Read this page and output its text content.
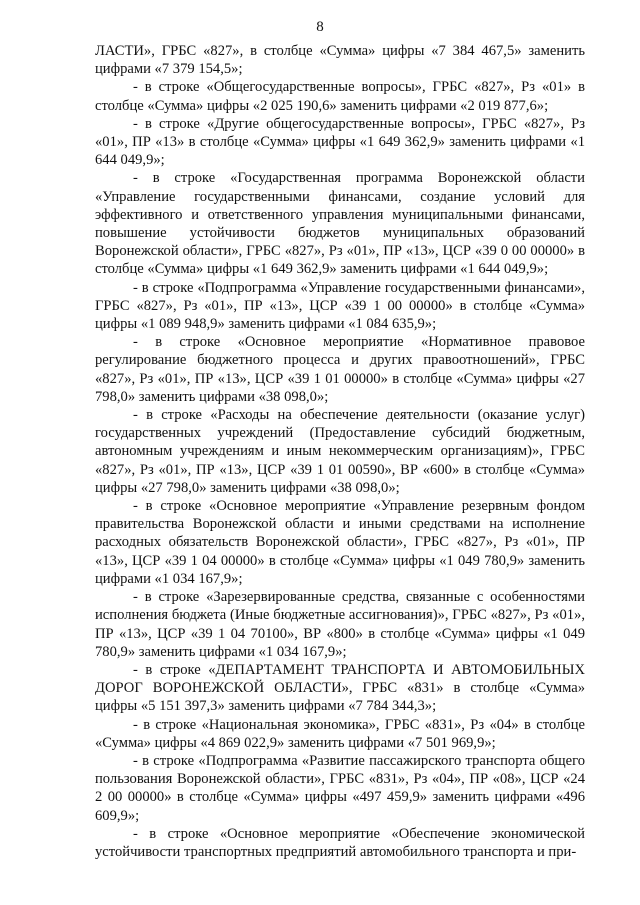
8

ЛАСТИ», ГРБС «827», в столбце «Сумма» цифры «7 384 467,5» заменить цифрами «7 379 154,5»;

- в строке «Общегосударственные вопросы», ГРБС «827», Рз «01» в столбце «Сумма» цифры «2 025 190,6» заменить цифрами «2 019 877,6»;

- в строке «Другие общегосударственные вопросы», ГРБС «827», Рз «01», ПР «13» в столбце «Сумма» цифры «1 649 362,9» заменить цифрами «1 644 049,9»;

- в строке «Государственная программа Воронежской области «Управление государственными финансами, создание условий для эффективного и ответственного управления муниципальными финансами, повышение устойчивости бюджетов муниципальных образований Воронежской области», ГРБС «827», Рз «01», ПР «13», ЦСР «39 0 00 00000» в столбце «Сумма» цифры «1 649 362,9» заменить цифрами «1 644 049,9»;

- в строке «Подпрограмма «Управление государственными финансами», ГРБС «827», Рз «01», ПР «13», ЦСР «39 1 00 00000» в столбце «Сумма» цифры «1 089 948,9» заменить цифрами «1 084 635,9»;

- в строке «Основное мероприятие «Нормативное правовое регулирование бюджетного процесса и других правоотношений», ГРБС «827», Рз «01», ПР «13», ЦСР «39 1 01 00000» в столбце «Сумма» цифры «27 798,0» заменить цифрами «38 098,0»;

- в строке «Расходы на обеспечение деятельности (оказание услуг) государственных учреждений (Предоставление субсидий бюджетным, автономным учреждениям и иным некоммерческим организациям)», ГРБС «827», Рз «01», ПР «13», ЦСР «39 1 01 00590», ВР «600» в столбце «Сумма» цифры «27 798,0» заменить цифрами «38 098,0»;

- в строке «Основное мероприятие «Управление резервным фондом правительства Воронежской области и иными средствами на исполнение расходных обязательств Воронежской области», ГРБС «827», Рз «01», ПР «13», ЦСР «39 1 04 00000» в столбце «Сумма» цифры «1 049 780,9» заменить цифрами «1 034 167,9»;

- в строке «Зарезервированные средства, связанные с особенностями исполнения бюджета (Иные бюджетные ассигнования)», ГРБС «827», Рз «01», ПР «13», ЦСР «39 1 04 70100», ВР «800» в столбце «Сумма» цифры «1 049 780,9» заменить цифрами «1 034 167,9»;

- в строке «ДЕПАРТАМЕНТ ТРАНСПОРТА И АВТОМОБИЛЬНЫХ ДОРОГ ВОРОНЕЖСКОЙ ОБЛАСТИ», ГРБС «831» в столбце «Сумма» цифры «5 151 397,3» заменить цифрами «7 784 344,3»;

- в строке «Национальная экономика», ГРБС «831», Рз «04» в столбце «Сумма» цифры «4 869 022,9» заменить цифрами «7 501 969,9»;

- в строке «Подпрограмма «Развитие пассажирского транспорта общего пользования Воронежской области», ГРБС «831», Рз «04», ПР «08», ЦСР «24 2 00 00000» в столбце «Сумма» цифры «497 459,9» заменить цифрами «496 609,9»;

- в строке «Основное мероприятие «Обеспечение экономической устойчивости транспортных предприятий автомобильного транспорта и при-
